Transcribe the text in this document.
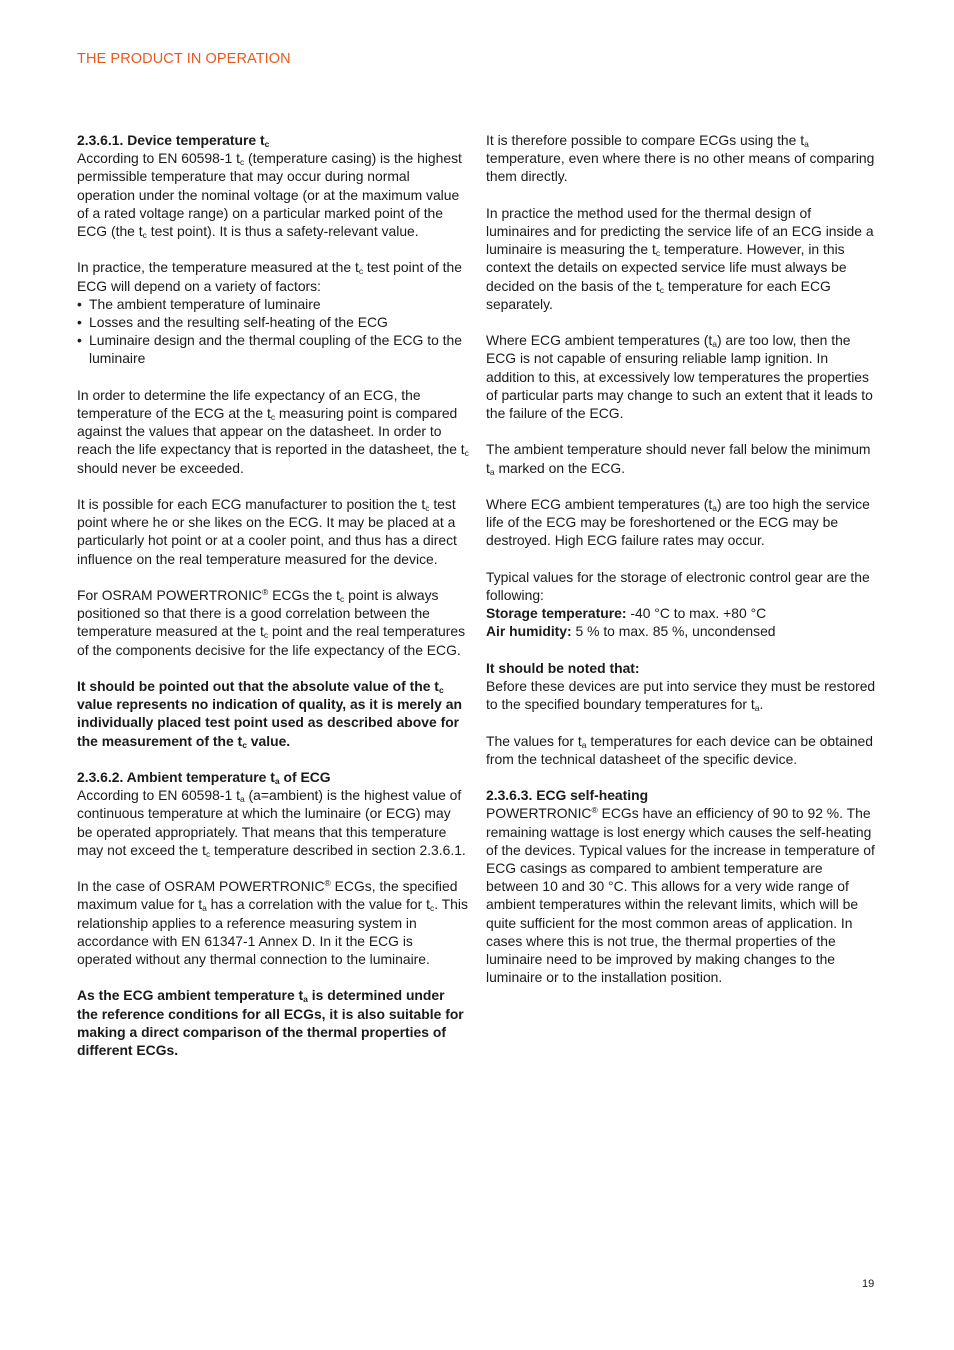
THE PRODUCT IN OPERATION

2.3.6.1. Device temperature $t_c$

According to EN 60598-1 $t_c$ (temperature casing) is the highest permissible temperature that may occur during normal operation under the nominal voltage (or at the maximum value of a rated voltage range) on a particular marked point of the ECG (the $t_c$ test point). It is thus a safety-relevant value.

In practice, the temperature measured at the $t_c$ test point of the ECG will depend on a variety of factors:

• The ambient temperature of luminaire
• Losses and the resulting self-heating of the ECG
• Luminaire design and the thermal coupling of the ECG to the luminaire

In order to determine the life expectancy of an ECG, the temperature of the ECG at the $t_c$ measuring point is compared against the values that appear on the datasheet. In order to reach the life expectancy that is reported in the datasheet, the $t_c$ should never be exceeded.

It is possible for each ECG manufacturer to position the $t_c$ test point where he or she likes on the ECG. It may be placed at a particularly hot point or at a cooler point, and thus has a direct influence on the real temperature measured for the device.

For OSRAM POWERTRONIC® ECGs the $t_c$ point is always positioned so that there is a good correlation between the temperature measured at the $t_c$ point and the real temperatures of the components decisive for the life expectancy of the ECG.

It should be pointed out that the absolute value of the $t_c$ value represents no indication of quality, as it is merely an individually placed test point used as described above for the measurement of the $t_c$ value.

2.3.6.2. Ambient temperature $t_a$ of ECG

According to EN 60598-1 $t_a$ (a=ambient) is the highest value of continuous temperature at which the luminaire (or ECG) may be operated appropriately. That means that this temperature may not exceed the $t_c$ temperature described in section 2.3.6.1.

In the case of OSRAM POWERTRONIC® ECGs, the specified maximum value for $t_a$ has a correlation with the value for $t_c$. This relationship applies to a reference measuring system in accordance with EN 61347-1 Annex D. In it the ECG is operated without any thermal connection to the luminaire.

As the ECG ambient temperature $t_a$ is determined under the reference conditions for all ECGs, it is also suitable for making a direct comparison of the thermal properties of different ECGs.

It is therefore possible to compare ECGs using the $t_a$ temperature, even where there is no other means of comparing them directly.

In practice the method used for the thermal design of luminaires and for predicting the service life of an ECG inside a luminaire is measuring the $t_c$ temperature. However, in this context the details on expected service life must always be decided on the basis of the $t_c$ temperature for each ECG separately.

Where ECG ambient temperatures $(t_a)$ are too low, then the ECG is not capable of ensuring reliable lamp ignition. In addition to this, at excessively low temperatures the properties of particular parts may change to such an extent that it leads to the failure of the ECG.

The ambient temperature should never fall below the minimum $t_a$ marked on the ECG.

Where ECG ambient temperatures $(t_a)$ are too high the service life of the ECG may be foreshortened or the ECG may be destroyed. High ECG failure rates may occur.

Typical values for the storage of electronic control gear are the following:

Storage temperature: -40 °C to max. +80 °C

Air humidity: 5 % to max. 85 %, uncondensed

It should be noted that:

Before these devices are put into service they must be restored to the specified boundary temperatures for $t_a$.

The values for $t_a$ temperatures for each device can be obtained from the technical datasheet of the specific device.

2.3.6.3. ECG self-heating

POWERTRONIC® ECGs have an efficiency of 90 to 92 %. The remaining wattage is lost energy which causes the self-heating of the devices. Typical values for the increase in temperature of ECG casings as compared to ambient temperature are between 10 and 30 °C. This allows for a very wide range of ambient temperatures within the relevant limits, which will be quite sufficient for the most common areas of application. In cases where this is not true, the thermal properties of the luminaire need to be improved by making changes to the luminaire or to the installation position.

19
